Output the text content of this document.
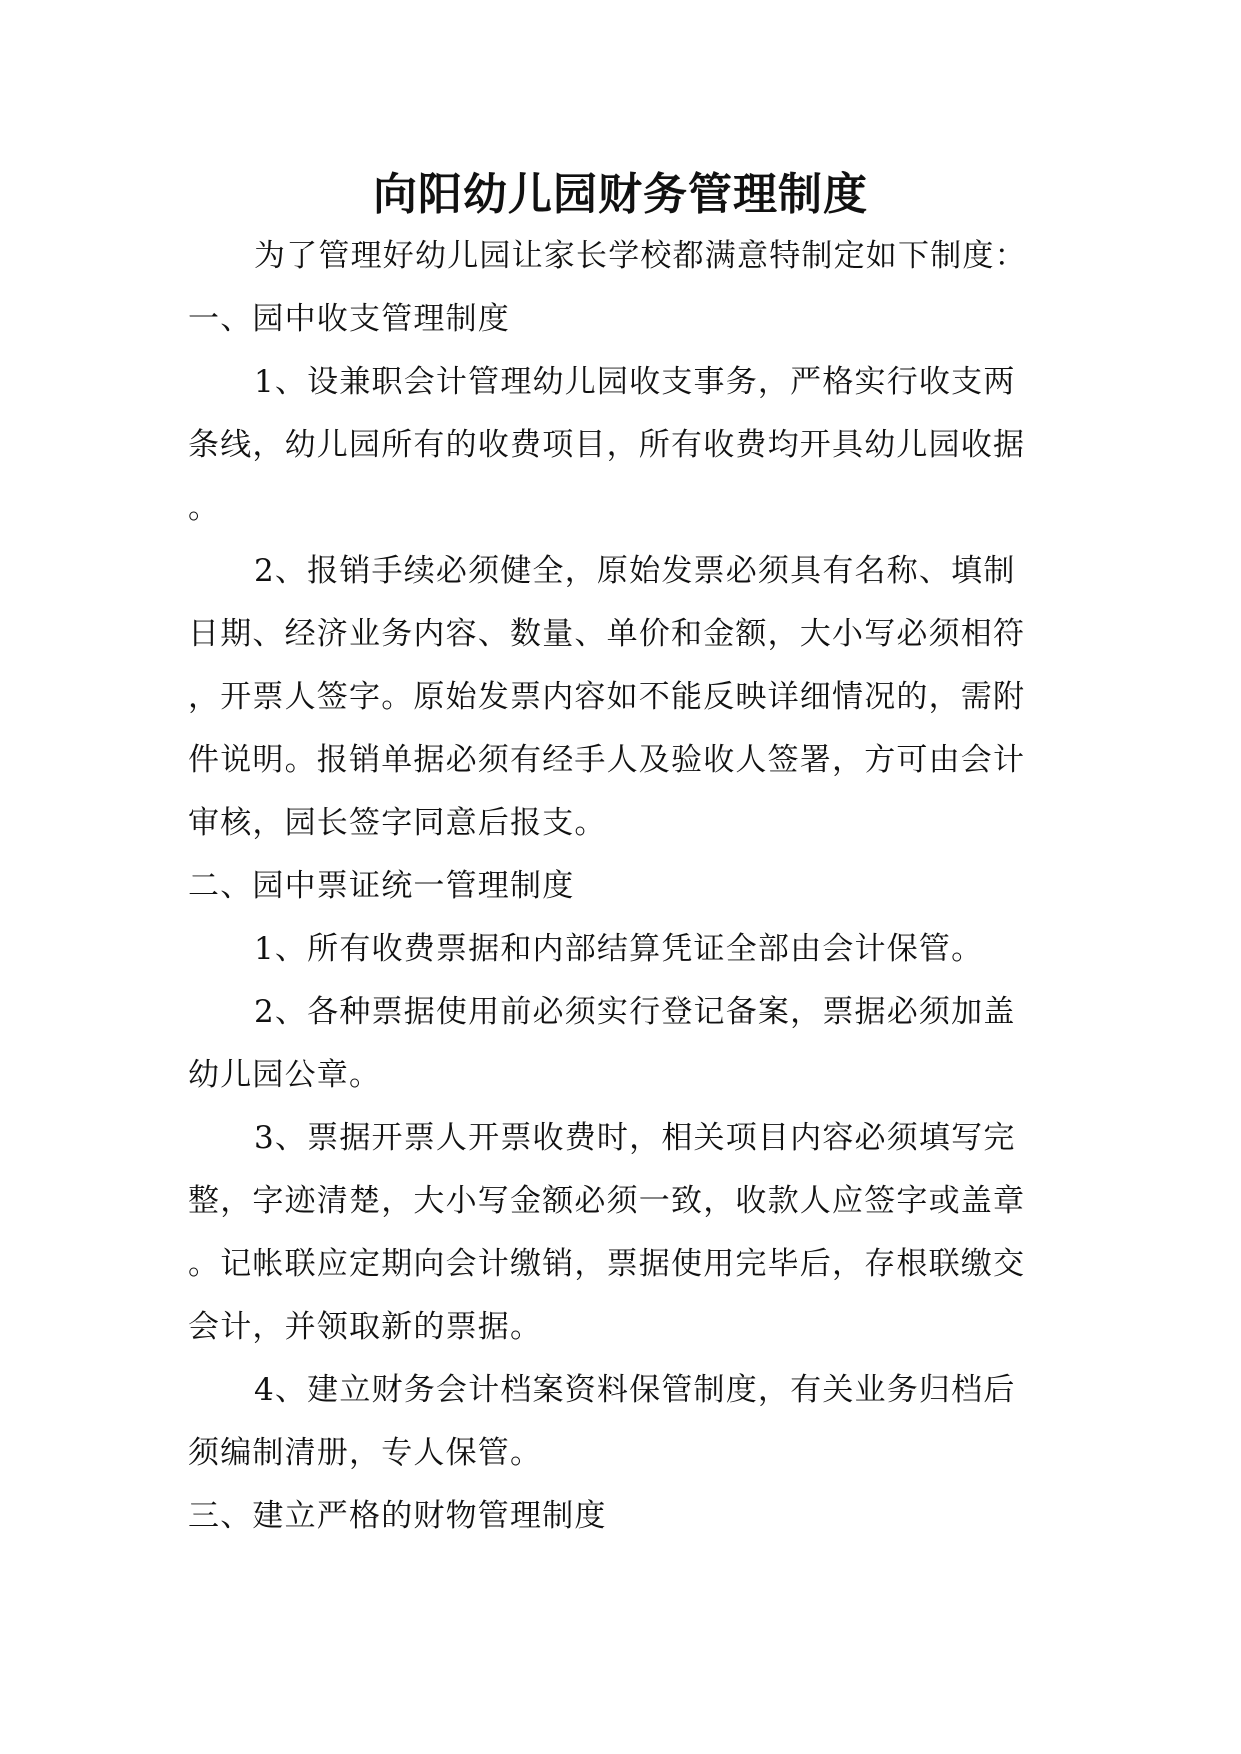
向阳幼儿园财务管理制度
为了管理好幼儿园让家长学校都满意特制定如下制度：
一、园中收支管理制度
1、设兼职会计管理幼儿园收支事务，严格实行收支两
条线，幼儿园所有的收费项目，所有收费均开具幼儿园收据
。
2、报销手续必须健全，原始发票必须具有名称、填制
日期、经济业务内容、数量、单价和金额，大小写必须相符
，开票人签字。原始发票内容如不能反映详细情况的，需附
件说明。报销单据必须有经手人及验收人签署，方可由会计
审核，园长签字同意后报支。
二、园中票证统一管理制度
1、所有收费票据和内部结算凭证全部由会计保管。
2、各种票据使用前必须实行登记备案，票据必须加盖
幼儿园公章。
3、票据开票人开票收费时，相关项目内容必须填写完
整，字迹清楚，大小写金额必须一致，收款人应签字或盖章
。记帐联应定期向会计缴销，票据使用完毕后，存根联缴交
会计，并领取新的票据。
4、建立财务会计档案资料保管制度，有关业务归档后
须编制清册，专人保管。
三、建立严格的财物管理制度
